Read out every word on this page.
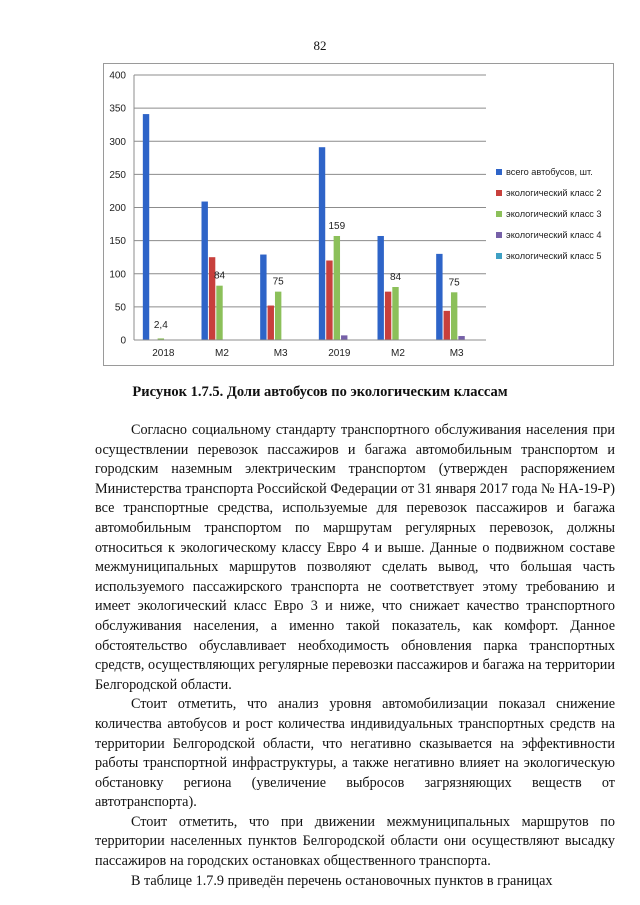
82
0
50
100
150
200
250
300
350
400
2018
2,4
М2
84
М3
75
2019
159
М2
84
М3
75
всего автобусов, шт.
экологический класс 2
экологический класс 3
экологический класс 4
экологический класс 5
Рисунок 1.7.5. Доли автобусов по экологическим классам

Согласно социальному стандарту транспортного обслуживания населения при осуществлении перевозок пассажиров и багажа автомобильным транспортом и городским наземным электрическим транспортом (утвержден распоряжением Министерства транспорта Российской Федерации от 31 января 2017 года № НА-19-Р) все транспортные средства, используемые для перевозок пассажиров и багажа автомобильным транспортом по маршрутам регулярных перевозок, должны относиться к экологическому классу Евро 4 и выше. Данные о подвижном составе межмуниципальных маршрутов позволяют сделать вывод, что большая часть используемого пассажирского транспорта не соответствует этому требованию и имеет экологический класс Евро 3 и ниже, что снижает качество транспортного обслуживания населения, а именно такой показатель, как комфорт. Данное обстоятельство обуславливает необходимость обновления парка транспортных средств, осуществляющих регулярные перевозки пассажиров и багажа на территории Белгородской области.

Стоит отметить, что анализ уровня автомобилизации показал снижение количества автобусов и рост количества индивидуальных транспортных средств на территории Белгородской области, что негативно сказывается на эффективности работы транспортной инфраструктуры, а также негативно влияет на экологическую обстановку региона (увеличение выбросов загрязняющих веществ от автотранспорта).

Стоит отметить, что при движении межмуниципальных маршрутов по территории населенных пунктов Белгородской области они осуществляют высадку пассажиров на городских остановках общественного транспорта.

В таблице 1.7.9 приведён перечень остановочных пунктов в границах
